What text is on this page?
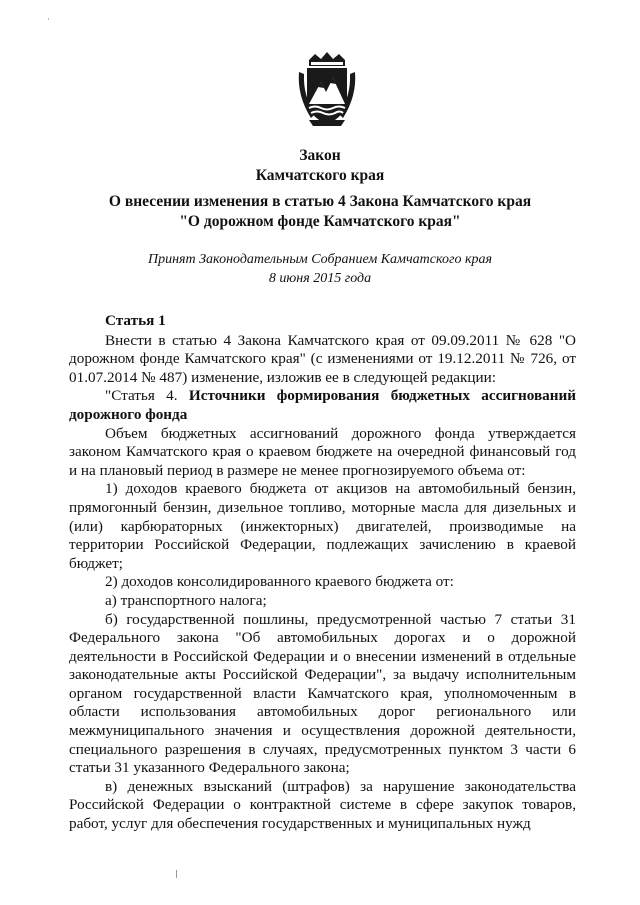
Закон
Камчатского края
О внесении изменения в статью 4 Закона Камчатского края
"О дорожном фонде Камчатского края"
Принят Законодательным Собранием Камчатского края
8 июня 2015 года

Статья 1

Внести в статью 4 Закона Камчатского края от 09.09.2011 № 628 "О дорожном фонде Камчатского края" (с изменениями от 19.12.2011 № 726, от 01.07.2014 № 487) изменение, изложив ее в следующей редакции:

"Статья 4. Источники формирования бюджетных ассигнований дорожного фонда

Объем бюджетных ассигнований дорожного фонда утверждается законом Камчатского края о краевом бюджете на очередной финансовый год и на плановый период в размере не менее прогнозируемого объема от:

1) доходов краевого бюджета от акцизов на автомобильный бензин, прямогонный бензин, дизельное топливо, моторные масла для дизельных и (или) карбюраторных (инжекторных) двигателей, производимые на территории Российской Федерации, подлежащих зачислению в краевой бюджет;

2) доходов консолидированного краевого бюджета от:

а) транспортного налога;

б) государственной пошлины, предусмотренной частью 7 статьи 31 Федерального закона "Об автомобильных дорогах и о дорожной деятельности в Российской Федерации и о внесении изменений в отдельные законодательные акты Российской Федерации", за выдачу исполнительным органом государственной власти Камчатского края, уполномоченным в области использования автомобильных дорог регионального или межмуниципального значения и осуществления дорожной деятельности, специального разрешения в случаях, предусмотренных пунктом 3 части 6 статьи 31 указанного Федерального закона;

в) денежных взысканий (штрафов) за нарушение законодательства Российской Федерации о контрактной системе в сфере закупок товаров, работ, услуг для обеспечения государственных и муниципальных нужд
